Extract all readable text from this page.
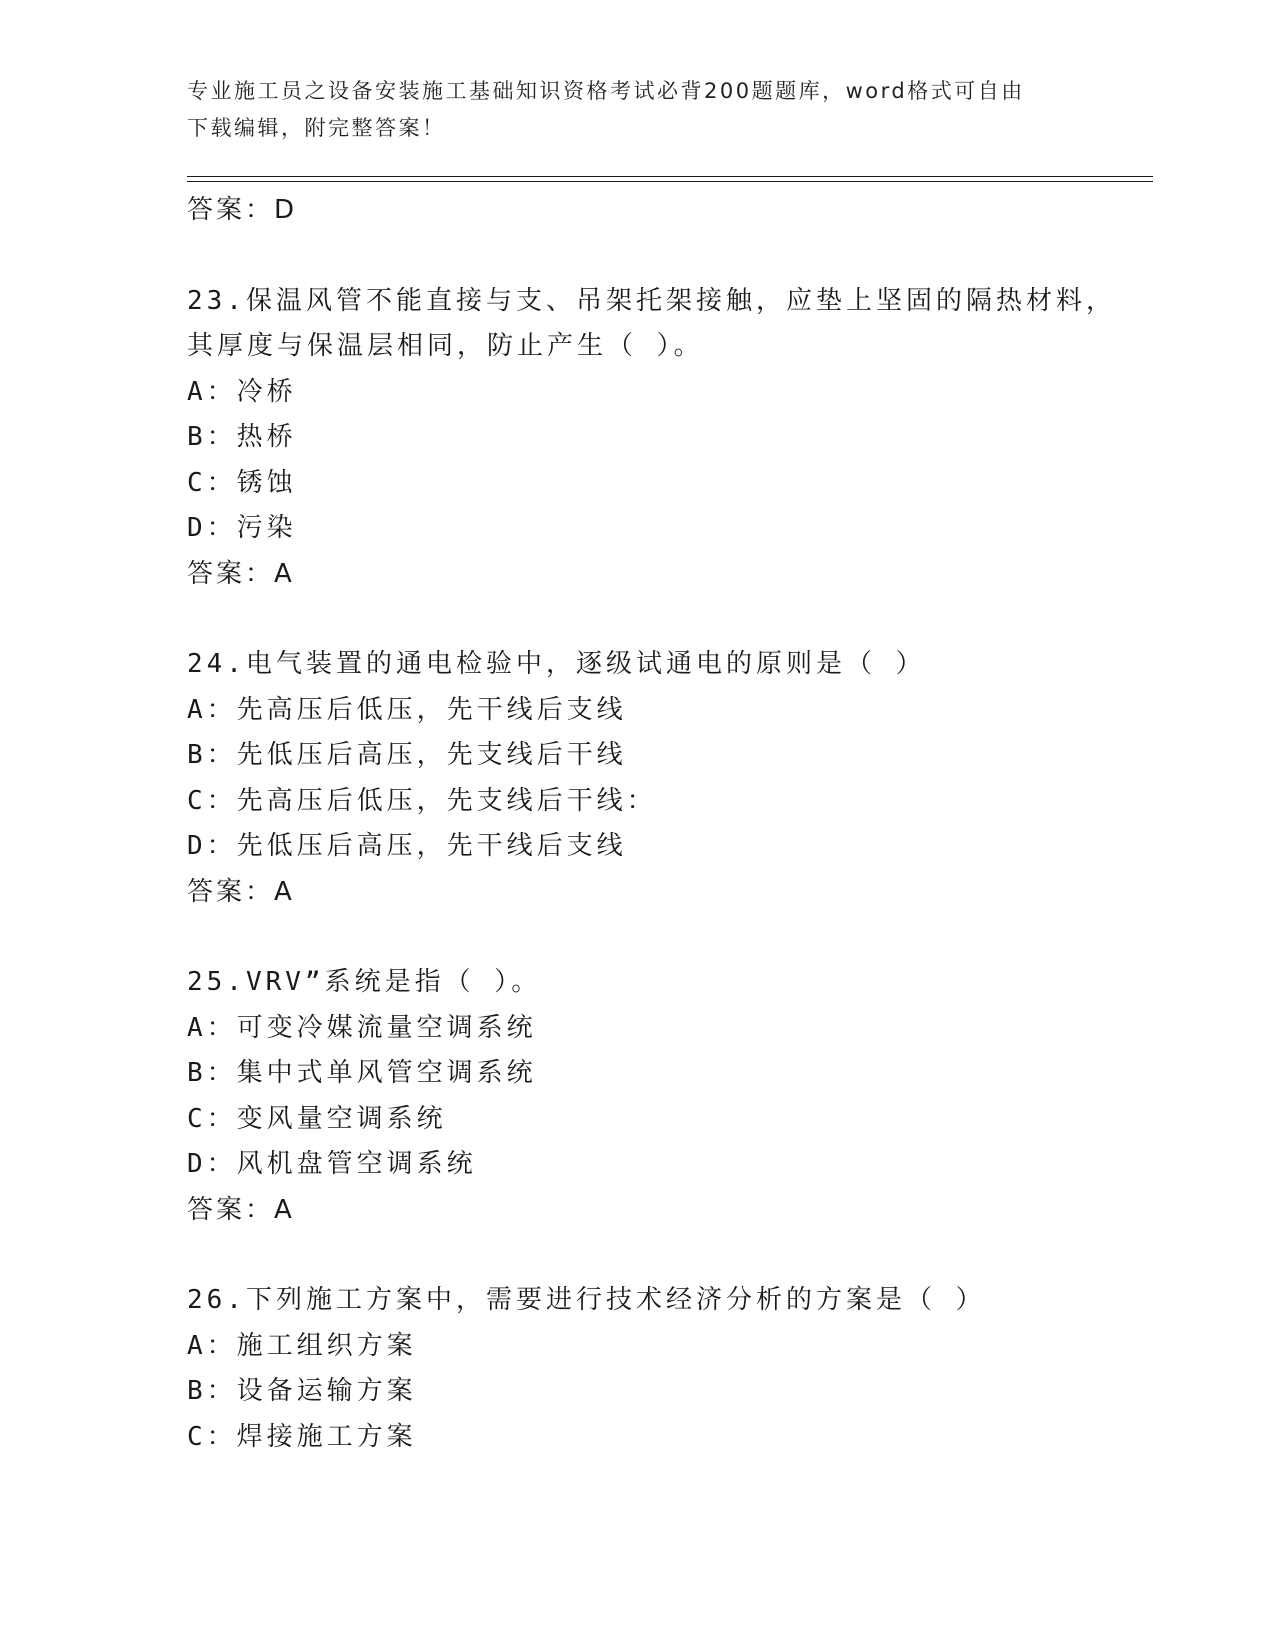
专业施工员之设备安装施工基础知识资格考试必背200题题库，word格式可自由
下载编辑，附完整答案！
答案：D
23.保温风管不能直接与支、吊架托架接触，应垫上坚固的隔热材料，
其厚度与保温层相同，防止产生（ ）。
A：冷桥
B：热桥
C：锈蚀
D：污染
答案：A
24.电气装置的通电检验中，逐级试通电的原则是（ ）
A：先高压后低压，先干线后支线
B：先低压后高压，先支线后干线
C：先高压后低压，先支线后干线：
D：先低压后高压，先干线后支线
答案：A
25.VRV”系统是指（ ）。
A：可变冷媒流量空调系统
B：集中式单风管空调系统
C：变风量空调系统
D：风机盘管空调系统
答案：A
26.下列施工方案中，需要进行技术经济分析的方案是（ ）
A：施工组织方案
B：设备运输方案
C：焊接施工方案
